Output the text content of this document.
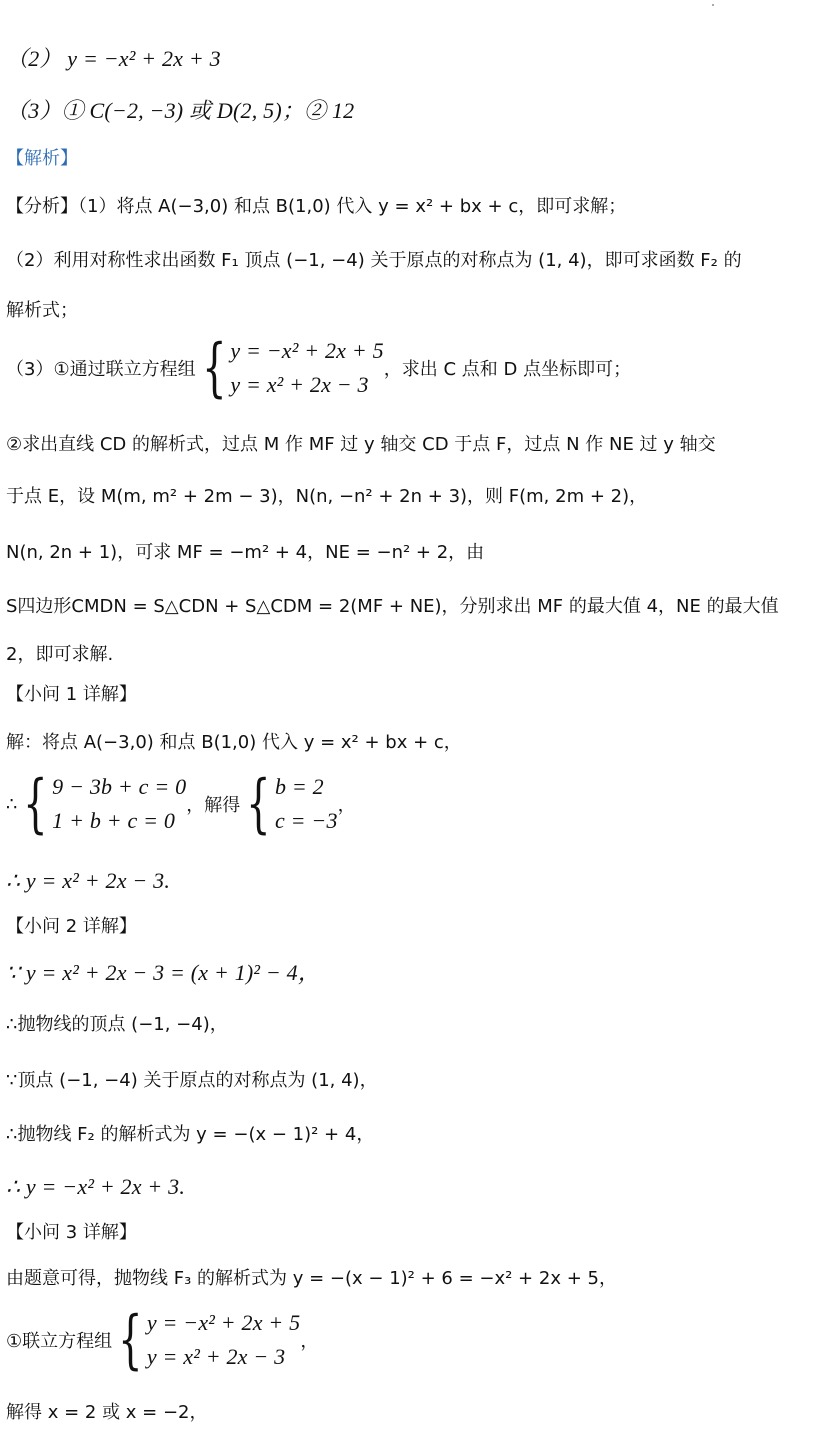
（2） y = −x² + 2x + 3
（3）① C(−2, −3) 或 D(2, 5)；② 12
【解析】
【分析】（1）将点 A(−3,0) 和点 B(1,0) 代入 y = x² + bx + c，即可求解；
（2）利用对称性求出函数 F₁ 顶点 (−1, −4) 关于原点的对称点为 (1, 4)，即可求函数 F₂ 的
解析式；
（3）①通过联立方程组{ y = −x² + 2x + 5
y = x² + 2x − 3
，求出 C 点和 D 点坐标即可；
②求出直线 CD 的解析式，过点 M 作 MF 过 y 轴交 CD 于点 F，过点 N 作 NE 过 y 轴交
于点 E，设 M(m, m² + 2m − 3)，N(n, −n² + 2n + 3)，则 F(m, 2m + 2)，
N(n, 2n + 1)，可求 MF = −m² + 4，NE = −n² + 2，由
S四边形CMDN = S△CDN + S△CDM = 2(MF + NE)，分别求出 MF 的最大值 4，NE 的最大值
2，即可求解.
【小问 1 详解】
解：将点 A(−3,0) 和点 B(1,0) 代入 y = x² + bx + c，
∴{ 9 − 3b + c = 0
1 + b + c = 0
，解得{ b = 2
c = −3
，
∴ y = x² + 2x − 3.
【小问 2 详解】
∵ y = x² + 2x − 3 = (x + 1)² − 4，
∴抛物线的顶点 (−1, −4)，
∵顶点 (−1, −4) 关于原点的对称点为 (1, 4)，
∴抛物线 F₂ 的解析式为 y = −(x − 1)² + 4，
∴ y = −x² + 2x + 3.
【小问 3 详解】
由题意可得，抛物线 F₃ 的解析式为 y = −(x − 1)² + 6 = −x² + 2x + 5，
①联立方程组{ y = −x² + 2x + 5
y = x² + 2x − 3
，
解得 x = 2 或 x = −2，
